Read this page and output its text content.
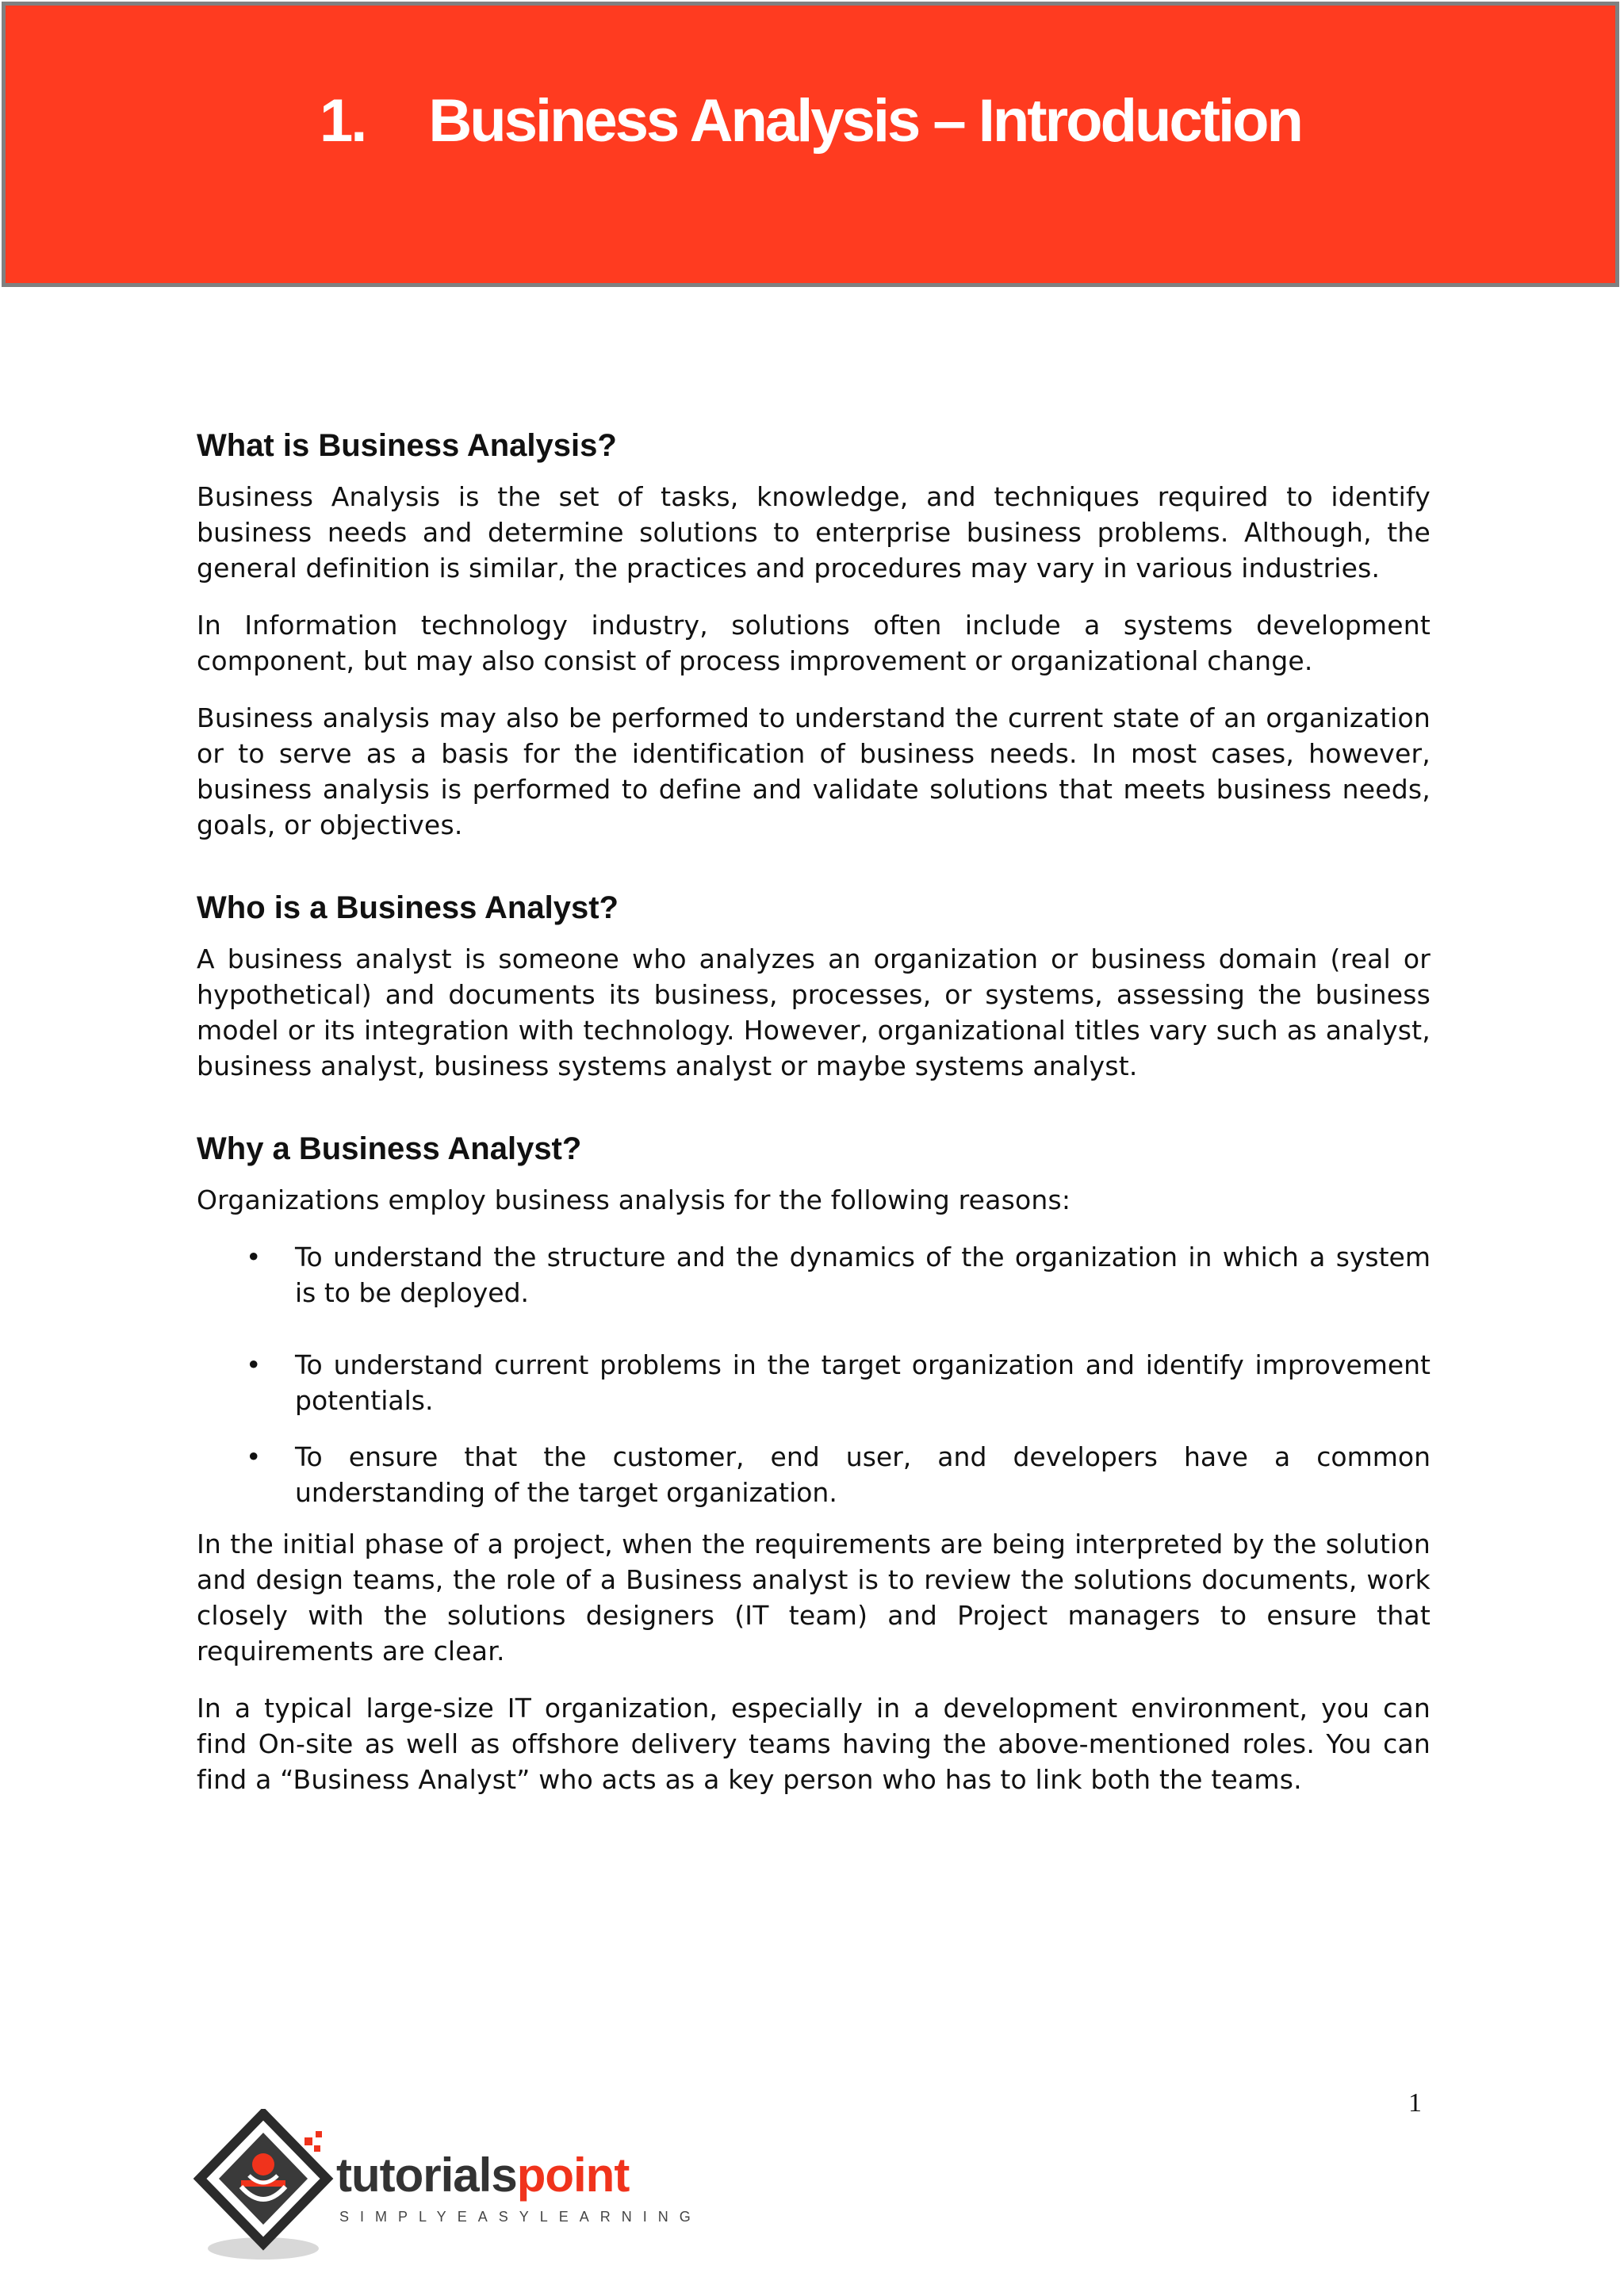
1. Business Analysis – Introduction
What is Business Analysis?

Business Analysis is the set of tasks, knowledge, and techniques required to identify business needs and determine solutions to enterprise business problems. Although, the general definition is similar, the practices and procedures may vary in various industries.

In Information technology industry, solutions often include a systems development component, but may also consist of process improvement or organizational change.

Business analysis may also be performed to understand the current state of an organization or to serve as a basis for the identification of business needs. In most cases, however, business analysis is performed to define and validate solutions that meets business needs, goals, or objectives.

Who is a Business Analyst?

A business analyst is someone who analyzes an organization or business domain (real or hypothetical) and documents its business, processes, or systems, assessing the business model or its integration with technology. However, organizational titles vary such as analyst, business analyst, business systems analyst or maybe systems analyst.

Why a Business Analyst?

Organizations employ business analysis for the following reasons:

• To understand the structure and the dynamics of the organization in which a system is to be deployed.
• To understand current problems in the target organization and identify improvement potentials.
• To ensure that the customer, end user, and developers have a common understanding of the target organization.

In the initial phase of a project, when the requirements are being interpreted by the solution and design teams, the role of a Business analyst is to review the solutions documents, work closely with the solutions designers (IT team) and Project managers to ensure that requirements are clear.

In a typical large-size IT organization, especially in a development environment, you can find On-site as well as offshore delivery teams having the above-mentioned roles. You can find a “Business Analyst” who acts as a key person who has to link both the teams.

1
tutorialspoint
SIMPLYEASYLEARNING
